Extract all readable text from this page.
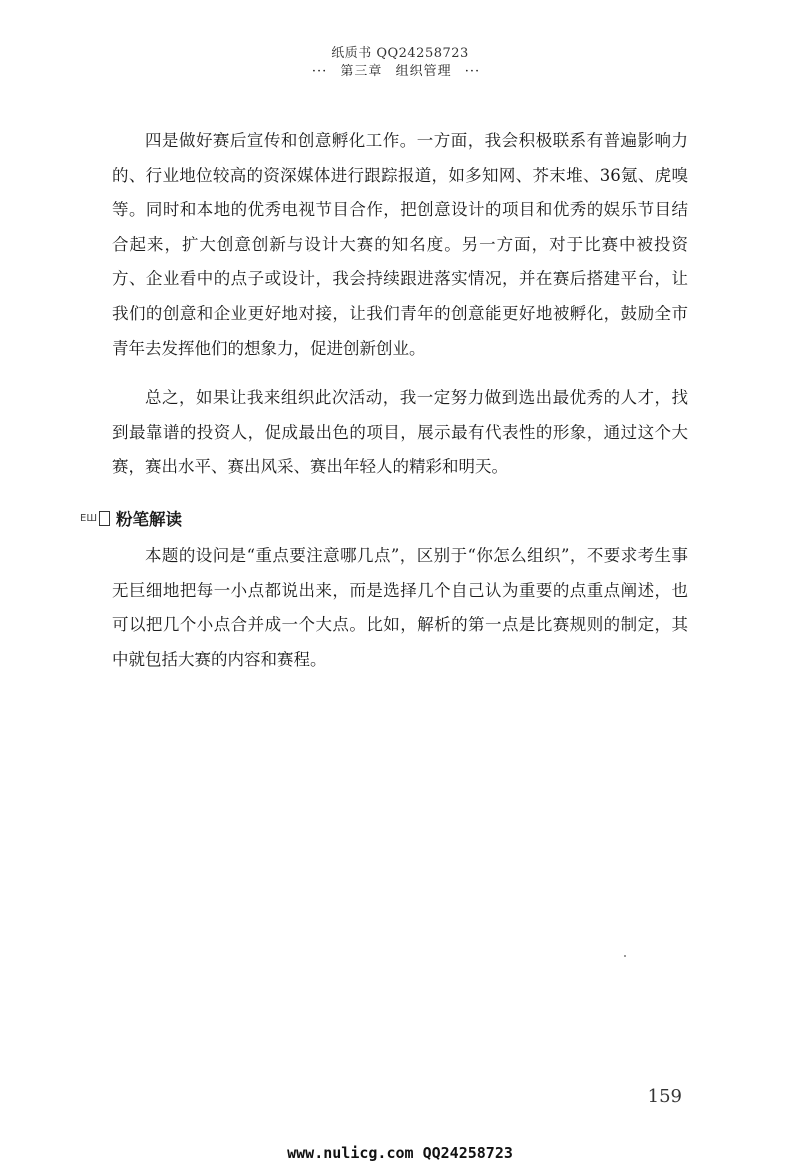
纸质书 QQ24258723
··· 第三章 组织管理 ···

四是做好赛后宣传和创意孵化工作。一方面，我会积极联系有普遍影响力的、行业地位较高的资深媒体进行跟踪报道，如多知网、芥末堆、36氪、虎嗅等。同时和本地的优秀电视节目合作，把创意设计的项目和优秀的娱乐节目结合起来，扩大创意创新与设计大赛的知名度。另一方面，对于比赛中被投资方、企业看中的点子或设计，我会持续跟进落实情况，并在赛后搭建平台，让我们的创意和企业更好地对接，让我们青年的创意能更好地被孵化，鼓励全市青年去发挥他们的想象力，促进创新创业。

总之，如果让我来组织此次活动，我一定努力做到选出最优秀的人才，找到最靠谱的投资人，促成最出色的项目，展示最有代表性的形象，通过这个大赛，赛出水平、赛出风采、赛出年轻人的精彩和明天。

ЕШ 粉笔解读

本题的设问是“重点要注意哪几点”，区别于“你怎么组织”，不要求考生事无巨细地把每一小点都说出来，而是选择几个自己认为重要的点重点阐述，也可以把几个小点合并成一个大点。比如，解析的第一点是比赛规则的制定，其中就包括大赛的内容和赛程。

159
www.nulicg.com QQ24258723
